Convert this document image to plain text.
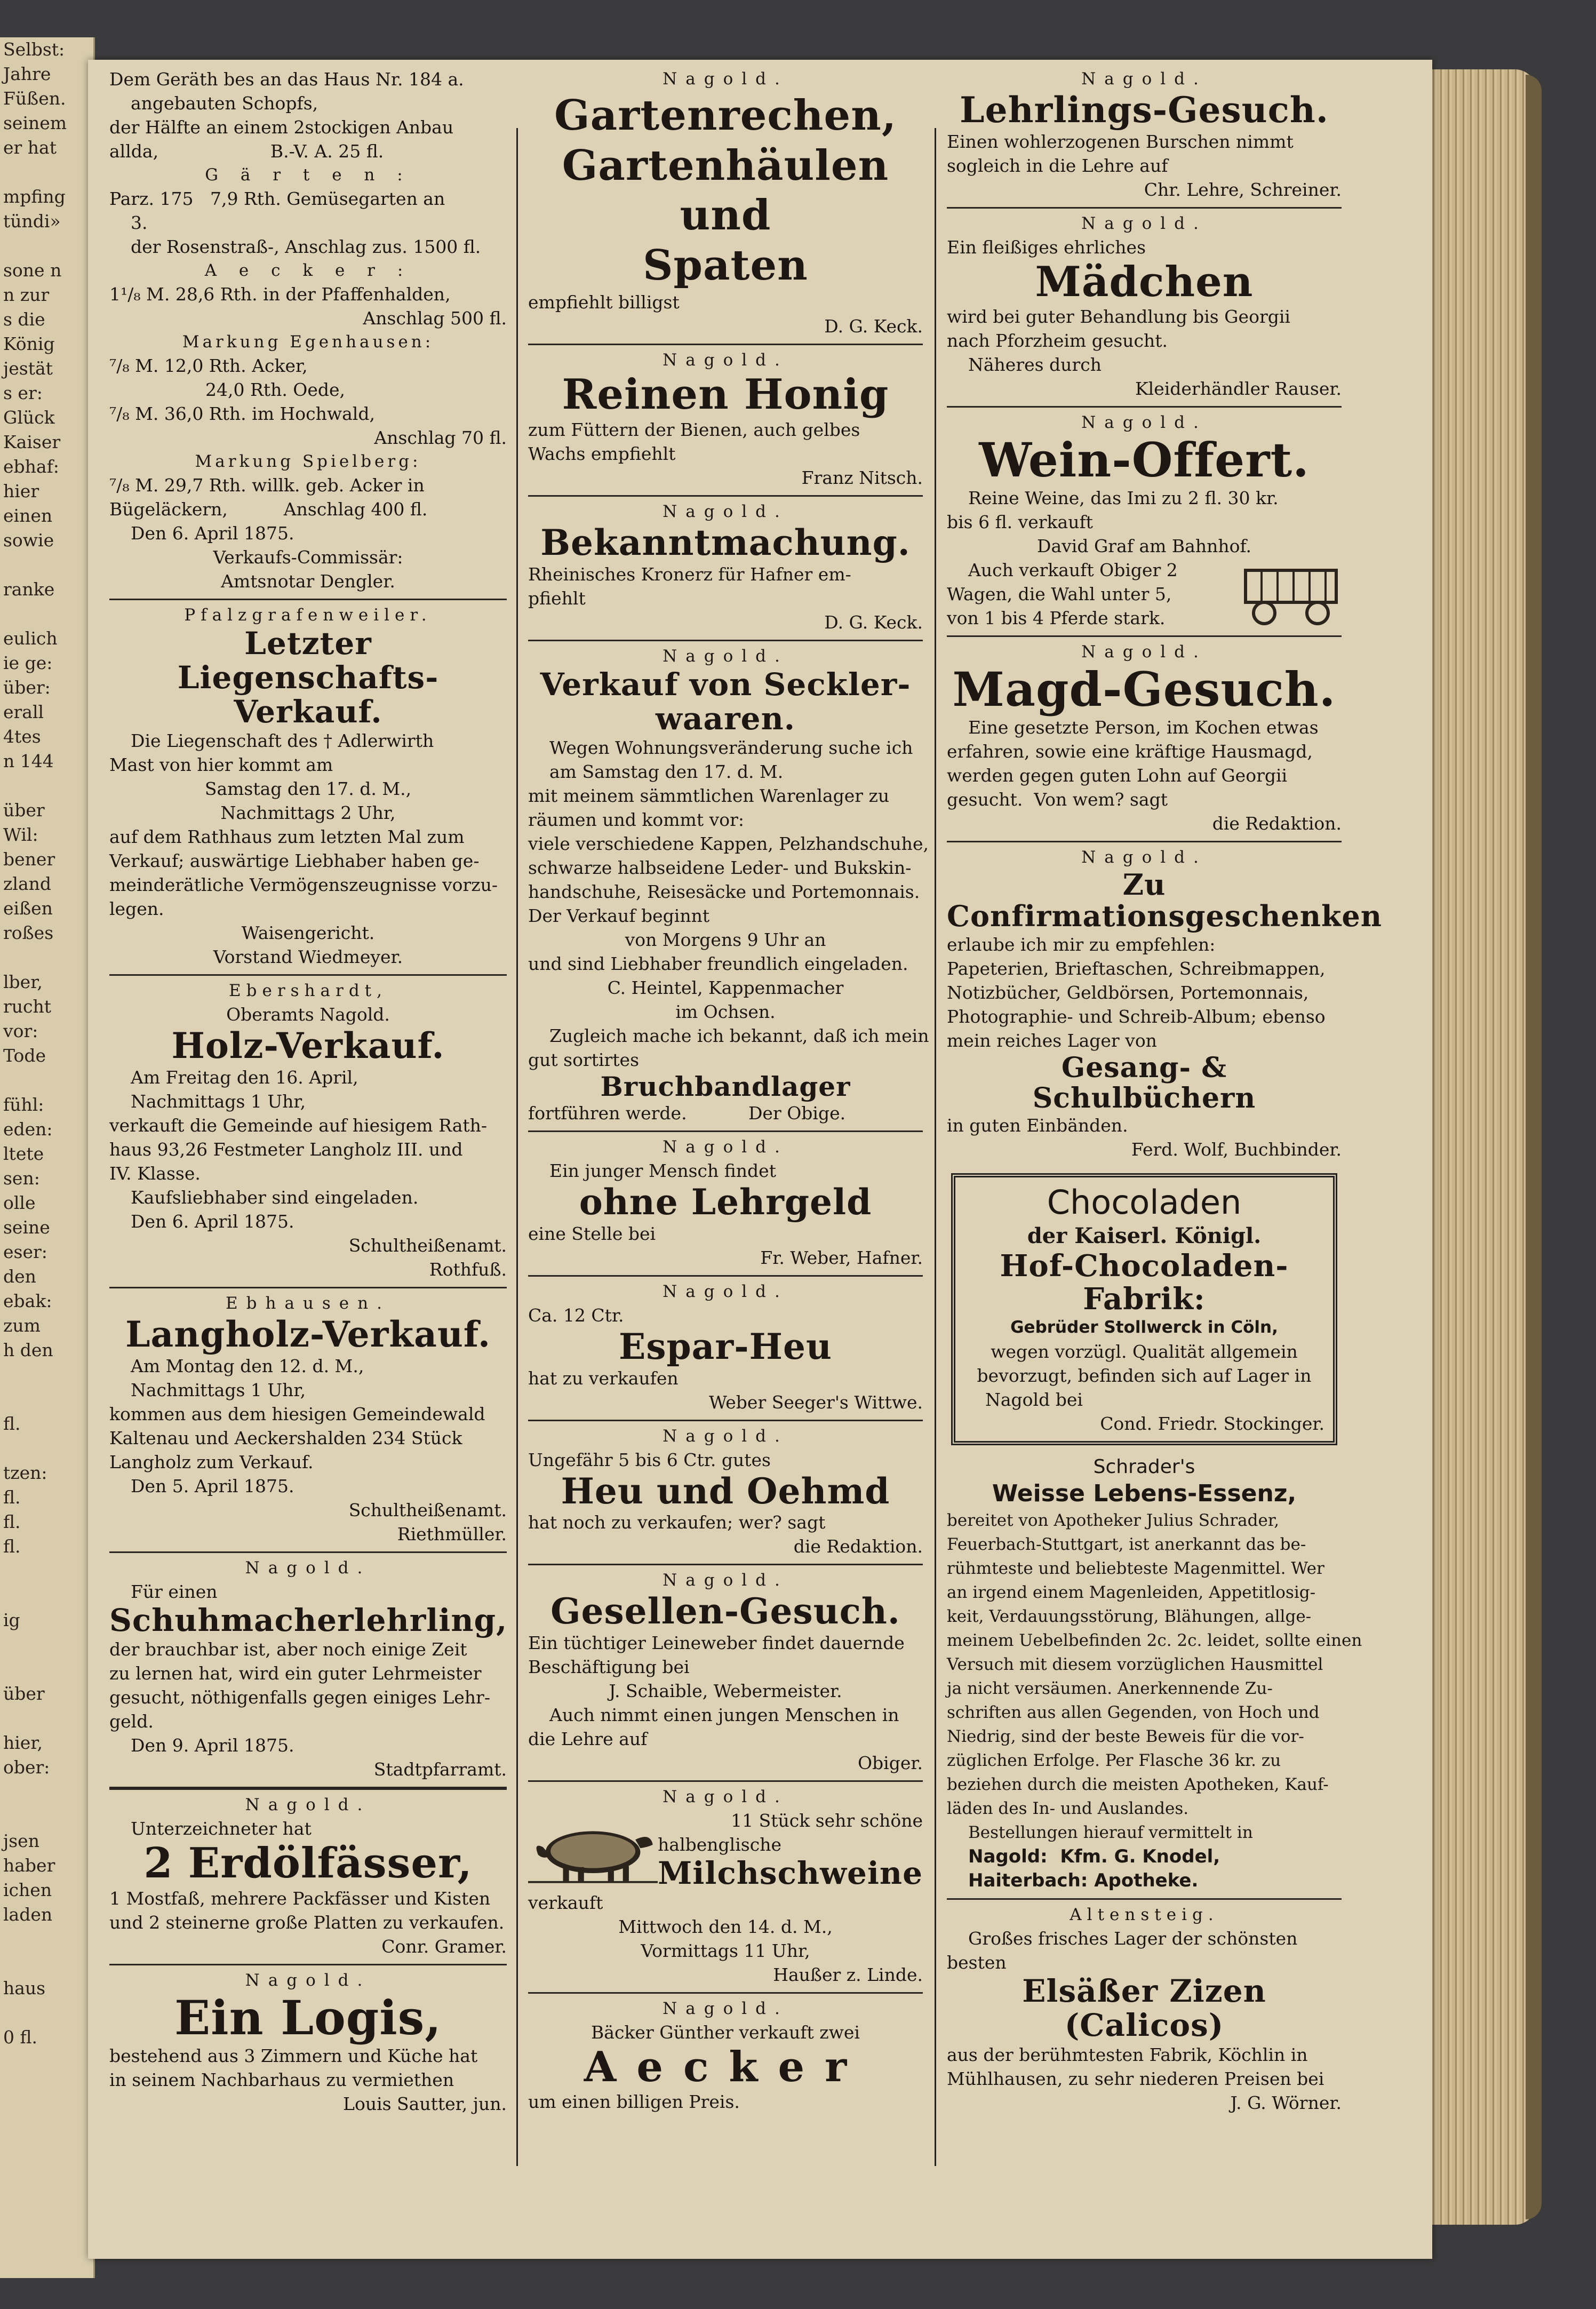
Selbst:
Jahre
Füßen.
seinem
er hat

mpfing
tündi»

sone n
n zur
s die
König
jestät
s er:
Glück
Kaiser
ebhaf:
hier
einen
sowie

ranke

eulich
ie ge:
über:
erall
4tes
n 144

über
Wil:
bener
zland
eißen
roßes

lber,
rucht
vor:
Tode

fühl:
eden:
ltete
sen:
olle
seine
eser:
den
ebak:
zum
h den

fl.

tzen:
fl.
fl.
fl.

ig

über

hier,
ober:

jsen
haber
ichen
laden

haus

0 fl.
Dem Geräth bes an das Haus Nr. 184 a.
angebauten Schopfs,
der Hälfte an einem 2stockigen Anbau
allda,                    B.-V. A. 25 fl.
G ä r t e n :
Parz. 175   7,9 Rth. Gemüsegarten an
3.
der Rosenstraß-, Anschlag zus. 1500 fl.
A e c k e r :
1¹/₈ M. 28,6 Rth. in der Pfaffenhalden,
Anschlag 500 fl.
Markung Egenhausen:
⁷/₈ M. 12,0 Rth. Acker,
24,0 Rth. Oede,
⁷/₈ M. 36,0 Rth. im Hochwald,
Anschlag 70 fl.
Markung Spielberg:
⁷/₈ M. 29,7 Rth. willk. geb. Acker in
Bügeläckern,          Anschlag 400 fl.
Den 6. April 1875.
Verkaufs-Commissär:
Amtsnotar Dengler.
Pfalzgrafenweiler.
Letzter Liegenschafts-
Verkauf.
Die Liegenschaft des † Adlerwirth
Mast von hier kommt am
Samstag den 17. d. M.,
Nachmittags 2 Uhr,
auf dem Rathhaus zum letzten Mal zum
Verkauf; auswärtige Liebhaber haben ge-
meinderätliche Vermögenszeugnisse vorzu-
legen.
Waisengericht.
Vorstand Wiedmeyer.
Ebershardt,
Oberamts Nagold.
Holz-Verkauf.
Am Freitag den 16. April,
Nachmittags 1 Uhr,
verkauft die Gemeinde auf hiesigem Rath-
haus 93,26 Festmeter Langholz III. und
IV. Klasse.
Kaufsliebhaber sind eingeladen.
Den 6. April 1875.
Schultheißenamt.
Rothfuß.
Ebhausen.
Langholz-Verkauf.
Am Montag den 12. d. M.,
Nachmittags 1 Uhr,
kommen aus dem hiesigen Gemeindewald
Kaltenau und Aeckershalden 234 Stück
Langholz zum Verkauf.
Den 5. April 1875.
Schultheißenamt.
Riethmüller.
Nagold.
Für einen
Schuhmacherlehrling,
der brauchbar ist, aber noch einige Zeit
zu lernen hat, wird ein guter Lehrmeister
gesucht, nöthigenfalls gegen einiges Lehr-
geld.
Den 9. April 1875.
Stadtpfarramt.
Nagold.
Unterzeichneter hat
2 Erdölfässer,
1 Mostfaß, mehrere Packfässer und Kisten
und 2 steinerne große Platten zu verkaufen.
Conr. Gramer.
Nagold.
Ein Logis,
bestehend aus 3 Zimmern und Küche hat
in seinem Nachbarhaus zu vermiethen
Louis Sautter, jun.
Nagold.
Gartenrechen,
Gartenhäulen und
Spaten
empfiehlt billigst
D. G. Keck.
Nagold.
Reinen Honig
zum Füttern der Bienen, auch gelbes
Wachs empfiehlt
Franz Nitsch.
Nagold.
Bekanntmachung.
Rheinisches Kronerz für Hafner em-
pfiehlt
D. G. Keck.
Nagold.
Verkauf von Seckler-
waaren.
Wegen Wohnungsveränderung suche ich
am Samstag den 17. d. M.
mit meinem sämmtlichen Warenlager zu
räumen und kommt vor:
viele verschiedene Kappen, Pelzhandschuhe,
schwarze halbseidene Leder- und Bukskin-
handschuhe, Reisesäcke und Portemonnais.
Der Verkauf beginnt
von Morgens 9 Uhr an
und sind Liebhaber freundlich eingeladen.
C. Heintel, Kappenmacher
im Ochsen.
Zugleich mache ich bekannt, daß ich mein
gut sortirtes
Bruchbandlager
fortführen werde.           Der Obige.
Nagold.
Ein junger Mensch findet
ohne Lehrgeld
eine Stelle bei
Fr. Weber, Hafner.
Nagold.
Ca. 12 Ctr.
Espar-Heu
hat zu verkaufen
Weber Seeger's Wittwe.
Nagold.
Ungefähr 5 bis 6 Ctr. gutes
Heu und Oehmd
hat noch zu verkaufen; wer? sagt
die Redaktion.
Nagold.
Gesellen-Gesuch.
Ein tüchtiger Leineweber findet dauernde
Beschäftigung bei
J. Schaible, Webermeister.
Auch nimmt einen jungen Menschen in
die Lehre auf
Obiger.
Nagold.
11 Stück sehr schöne
halbenglische
Milchschweine
verkauft
Mittwoch den 14. d. M.,
Vormittags 11 Uhr,
Haußer z. Linde.
Nagold.
Bäcker Günther verkauft zwei
Aecker
um einen billigen Preis.
Nagold.
Lehrlings-Gesuch.
Einen wohlerzogenen Burschen nimmt
sogleich in die Lehre auf
Chr. Lehre, Schreiner.
Nagold.
Ein fleißiges ehrliches
Mädchen
wird bei guter Behandlung bis Georgii
nach Pforzheim gesucht.
Näheres durch
Kleiderhändler Rauser.
Nagold.
Wein-Offert.
Reine Weine, das Imi zu 2 fl. 30 kr.
bis 6 fl. verkauft
David Graf am Bahnhof.
Auch verkauft Obiger 2
Wagen, die Wahl unter 5,
von 1 bis 4 Pferde stark.
Nagold.
Magd-Gesuch.
Eine gesetzte Person, im Kochen etwas
erfahren, sowie eine kräftige Hausmagd,
werden gegen guten Lohn auf Georgii
gesucht.  Von wem? sagt
die Redaktion.
Nagold.
Zu Confirmationsgeschenken
erlaube ich mir zu empfehlen:
Papeterien, Brieftaschen, Schreibmappen,
Notizbücher, Geldbörsen, Portemonnais,
Photographie- und Schreib-Album; ebenso
mein reiches Lager von
Gesang- & Schulbüchern
in guten Einbänden.
Ferd. Wolf, Buchbinder.
Chocoladen
der Kaiserl. Königl.
Hof-Chocoladen-Fabrik:
Gebrüder Stollwerck in Cöln,
wegen vorzügl. Qualität allgemein
bevorzugt, befinden sich auf Lager in
Nagold bei
Cond. Friedr. Stockinger.
Schrader's
Weisse Lebens-Essenz,
bereitet von Apotheker Julius Schrader,
Feuerbach-Stuttgart, ist anerkannt das be-
rühmteste und beliebteste Magenmittel. Wer
an irgend einem Magenleiden, Appetitlosig-
keit, Verdauungsstörung, Blähungen, allge-
meinem Uebelbefinden 2c. 2c. leidet, sollte einen
Versuch mit diesem vorzüglichen Hausmittel
ja nicht versäumen. Anerkennende Zu-
schriften aus allen Gegenden, von Hoch und
Niedrig, sind der beste Beweis für die vor-
züglichen Erfolge. Per Flasche 36 kr. zu
beziehen durch die meisten Apotheken, Kauf-
läden des In- und Auslandes.
Bestellungen hierauf vermittelt in
Nagold:  Kfm. G. Knodel,
Haiterbach: Apotheke.
Altensteig.
Großes frisches Lager der schönsten
besten
Elsäßer Zizen (Calicos)
aus der berühmtesten Fabrik, Köchlin in
Mühlhausen, zu sehr niederen Preisen bei
J. G. Wörner.
